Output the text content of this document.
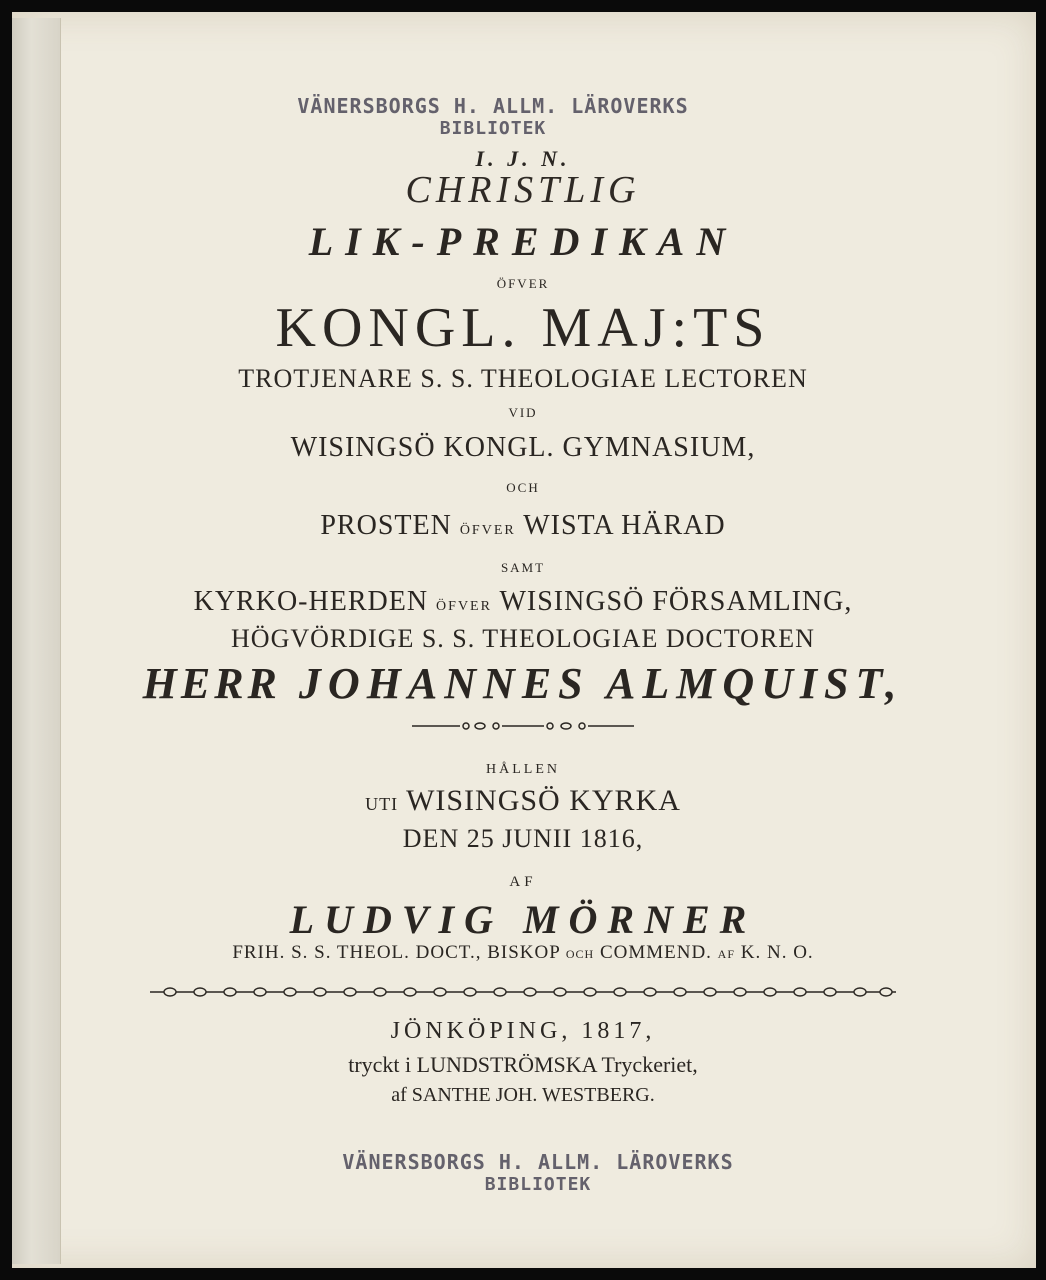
VÄNERSBORGS H. ALLM. LÄROVERKS
BIBLIOTEK
I. J. N.
CHRISTLIG
LIK-PREDIKAN
ÖFVER
KONGL. MAJ:TS
TROTJENARE S. S. THEOLOGIAE LECTOREN
VID
WISINGSÖ KONGL. GYMNASIUM,
OCH
PROSTEN ÖFVER WISTA HÄRAD
SAMT
KYRKO-HERDEN ÖFVER WISINGSÖ FÖRSAMLING,
HÖGVÖRDIGE S. S. THEOLOGIAE DOCTOREN
HERR JOHANNES ALMQUIST,
HÅLLEN
UTI WISINGSÖ KYRKA
DEN 25 JUNII 1816,
AF
LUDVIG MÖRNER
FRIH. S. S. THEOL. DOCT., BISKOP OCH COMMEND. AF K. N. O.
JÖNKÖPING, 1817,
tryckt i LUNDSTRÖMSKA Tryckeriet,
af SANTHE JOH. WESTBERG.
VÄNERSBORGS H. ALLM. LÄROVERKS
BIBLIOTEK
